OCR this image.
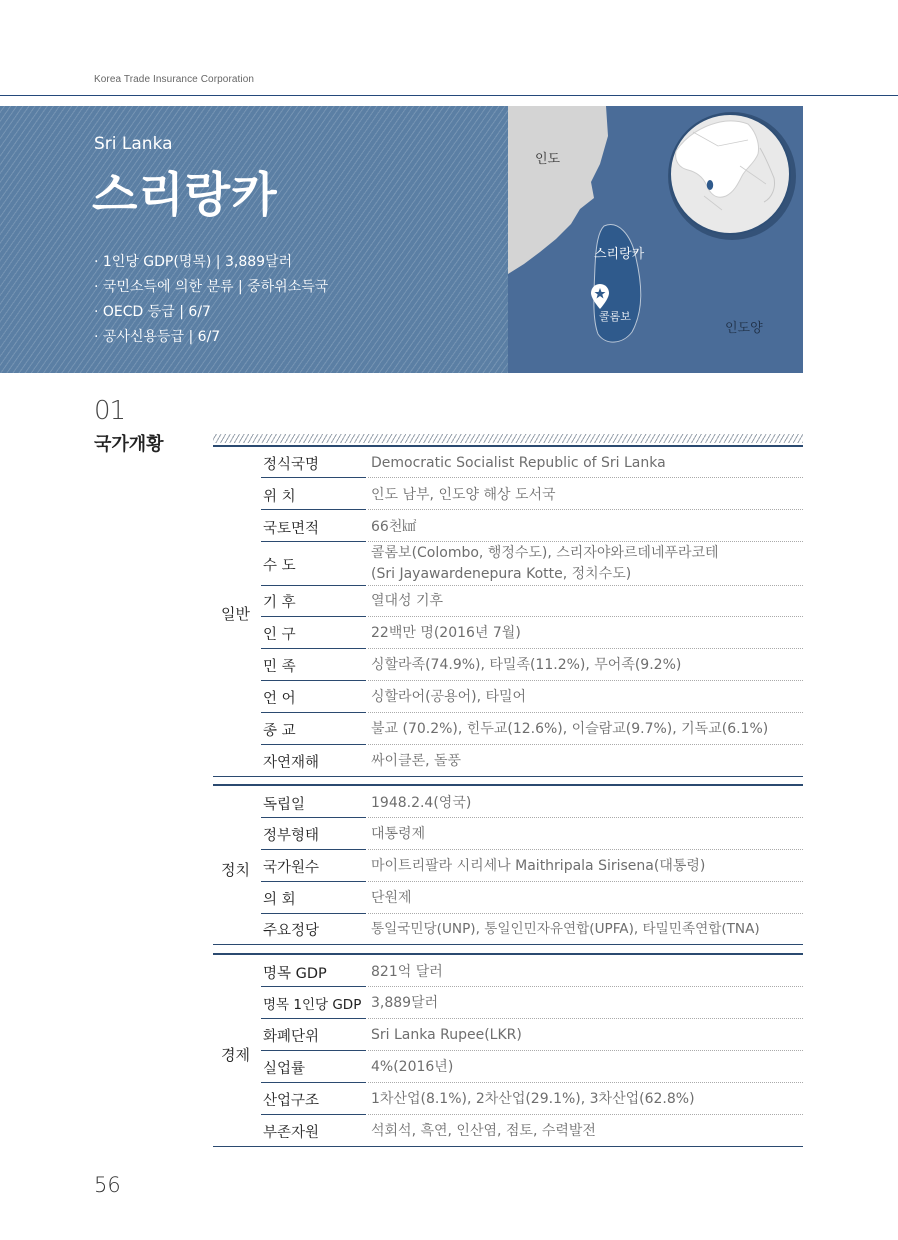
Korea Trade Insurance Corporation
Sri Lanka
스리랑카
· 1인당 GDP(명목) | 3,889달러
· 국민소득에 의한 분류 | 중하위소득국
· OECD 등급 | 6/7
· 공사신용등급 | 6/7
인도
스리랑카
콜롬보
인도양
01
국가개황
일반
정식국명	Democratic Socialist Republic of Sri Lanka
위 치	인도 남부, 인도양 해상 도서국
국토면적	66천㎢
수 도
콜롬보(Colombo, 행정수도), 스리자야와르데네푸라코테
(Sri Jayawardenepura Kotte, 정치수도)
기 후	열대성 기후
인 구	22백만 명(2016년 7월)
민 족	싱할라족(74.9%), 타밀족(11.2%), 무어족(9.2%)
언 어	싱할라어(공용어), 타밀어
종 교	불교 (70.2%), 힌두교(12.6%), 이슬람교(9.7%), 기독교(6.1%)
자연재해	싸이클론, 돌풍
정치
독립일	1948.2.4(영국)
정부형태	대통령제
국가원수	마이트리팔라 시리세나 Maithripala Sirisena(대통령)
의 회	단원제
주요정당	통일국민당(UNP), 통일인민자유연합(UPFA), 타밀민족연합(TNA)
경제
명목 GDP	821억 달러
명목 1인당 GDP 3,889달러
화폐단위	Sri Lanka Rupee(LKR)
실업률	4%(2016년)
산업구조	1차산업(8.1%), 2차산업(29.1%), 3차산업(62.8%)
부존자원	석회석, 흑연, 인산염, 점토, 수력발전
56
